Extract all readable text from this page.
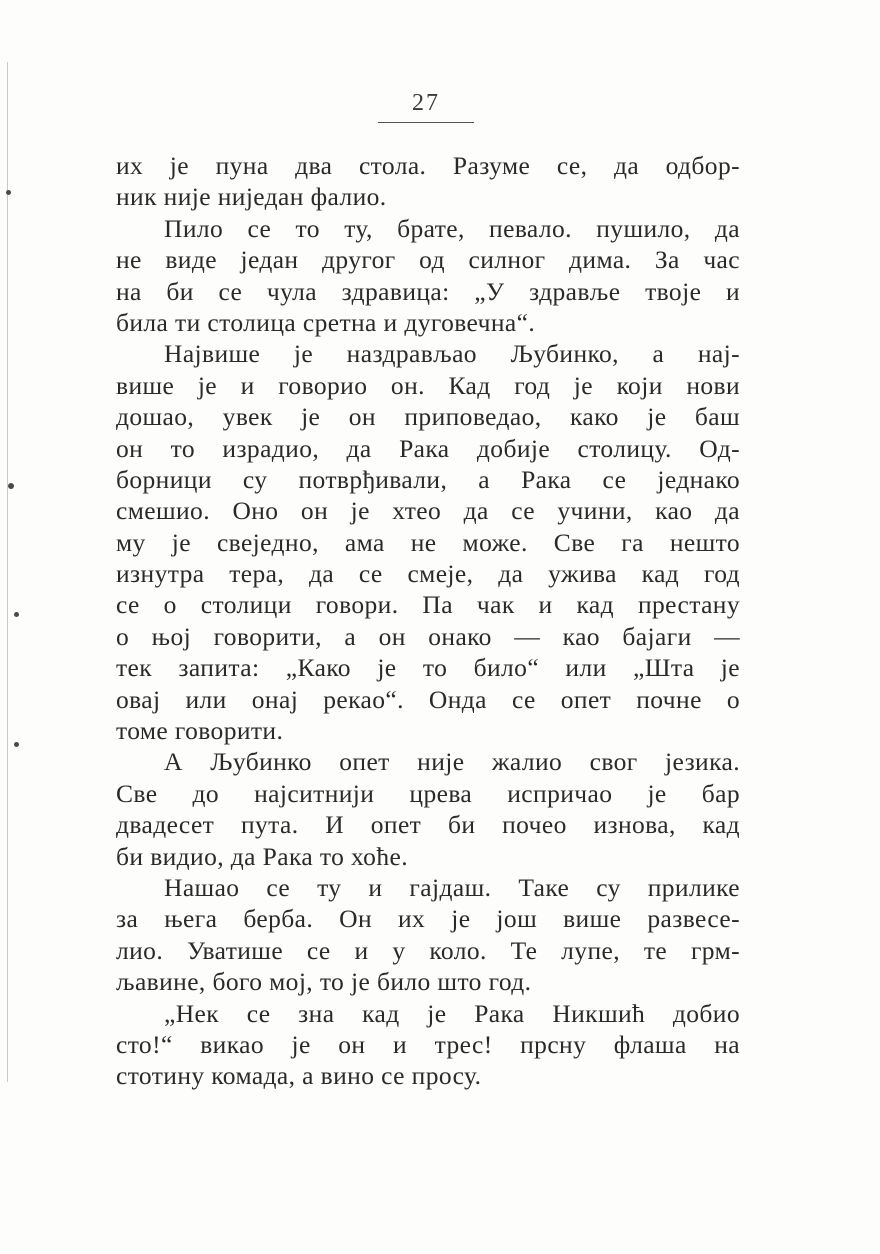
27
их је пуна два стола. Разуме се, да одбор-
ник није ниједан фалио.
Пило се то ту, брате, певало. пушило, да
не виде један другог од силног дима. За час
на би се чула здравица: „У здравље твоје и
била ти столица сретна и дуговечна“.
Највише је наздрављао Љубинко, а нај-
више је и говорио он. Кад год је који нови
дошао, увек је он приповедао, како је баш
он то израдио, да Рака добије столицу. Од-
борници су потврђивали, а Рака се једнако
смешио. Оно он је хтео да се учини, као да
му је свеједно, ама не може. Све га нешто
изнутра тера, да се смеје, да ужива кад год
се о столици говори. Па чак и кад престану
о њој говорити, а он онако — као бајаги —
тек запита: „Како је то било“ или „Шта је
овај или онај рекао“. Онда се опет почне о
томе говорити.
А Љубинко опет није жалио свог језика.
Све до најситнији црева испричао је бар
двадесет пута. И опет би почео изнова, кад
би видио, да Рака то хоће.
Нашао се ту и гајдаш. Таке су прилике
за њега берба. Он их је још више развесе-
лио. Уватише се и у коло. Те лупе, те грм-
љавине, бого мој, то је било што год.
„Нек се зна кад је Рака Никшић добио
сто!“ викао је он и трес! прсну флаша на
стотину комада, а вино се просу.
